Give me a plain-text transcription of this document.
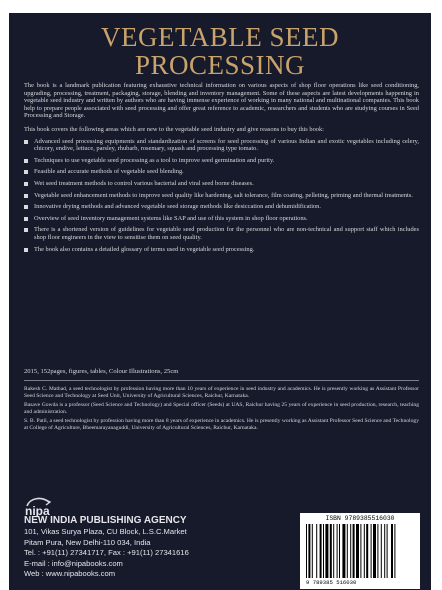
VEGETABLE SEED
PROCESSING

The book is a landmark publication featuring exhaustive technical information on various aspects of shop floor operations like seed conditioning, upgrading, processing, treatment, packaging, storage, blending and inventory management. Some of these aspects are latest developments happening in vegetable seed industry and written by authors who are having immense experience of working in many national and multinational companies. This book help to prepare people associated with seed processing and offer great reference to academic, researchers and students who are studying courses in Seed Processing and Storage.

This book covers the following areas which are new to the vegetable seed industry and give reasons to buy this book:

Advanced seed processing equipments and standardization of screens for seed processing of various Indian and exotic vegetables including celery, chicory, endive, lettuce, parsley, rhubarb, rosemary, squash and processing type tomato.
Techniques to use vegetable seed processing as a tool to improve seed germination and purity.
Feasible and accurate methods of vegetable seed blending.
Wet seed treatment methods to control various bacterial and viral seed borne diseases.
Vegetable seed enhancement methods to improve seed quality like hardening, salt tolerance, film coating, pelleting, priming and thermal treatments.
Innovative drying methods and advanced vegetable seed storage methods like desiccation and dehumidification.
Overview of seed inventory management systems like SAP and use of this system in shop floor operations.
There is a shortened version of guidelines for vegetable seed production for the personnel who are non-technical and support staff which includes shop floor engineers in the view to sensitise them on seed quality.
The book also contains a detailed glossary of terms used in vegetable seed processing.
2015, 152pages, figures, tables, Colour Illustrations, 25cm

Rakesh C. Mathad, a seed technologist by profession having more than 10 years of experience in seed industry and academics. He is presently working as Assistant Professor Seed Science and Technology at Seed Unit, University of Agricultural Sciences, Raichur, Karnataka.

Basave Gowda is a professor (Seed Science and Technology) and Special officer (Seeds) at UAS, Raichur having 25 years of experience in seed production, research, teaching and administration.

S. B. Patil, a seed technologist by profession having more than 8 years of experience in academics. He is presently working as Assistant Professor Seed Science and Technology at College of Agriculture, Bheemarayanaguddi, University of Agricultural Sciences, Raichur, Karnataka.

nipa
NEW INDIA PUBLISHING AGENCY
101, Vikas Surya Plaza, CU Block, L.S.C.Market
Pitam Pura, New Delhi-110 034, India
Tel. : +91(11) 27341717, Fax : +91(11) 27341616
E-mail : info@nipabooks.com
Web : www.nipabooks.com
ISBN 9789385516030
9 789385 516030
